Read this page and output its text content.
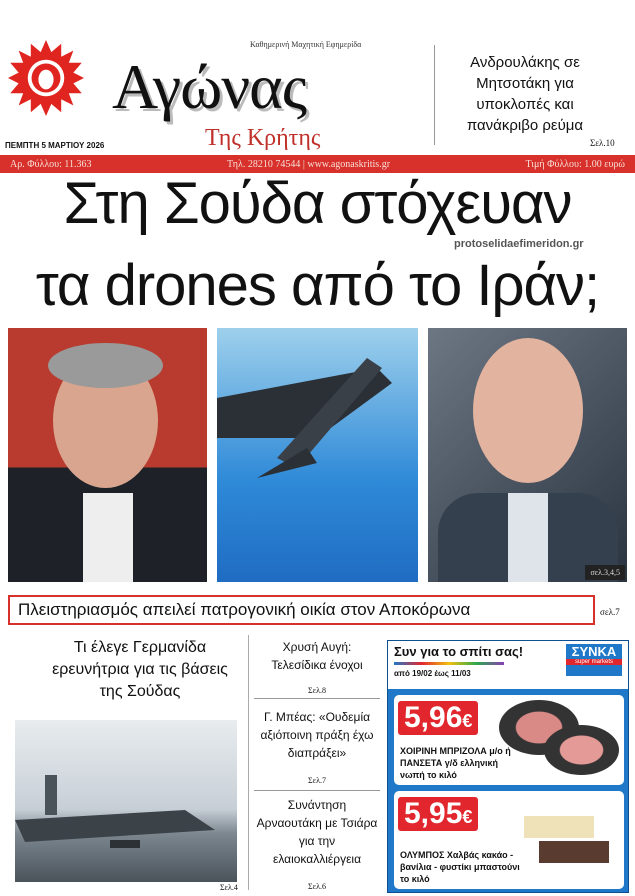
Καθημερινή Μαχητική Εφημερίδα
Αγώνας
Της Κρήτης
ΠΕΜΠΤΗ 5 ΜΑΡΤΙΟΥ 2026
Ανδρουλάκης σε Μητσοτάκη για υποκλοπές και πανάκριβο ρεύμα
Σελ.10
Αρ. Φύλλου: 11.363	Τηλ. 28210 74544 | www.agonaskritis.gr	Τιμή Φύλλου: 1.00 ευρώ
Στη Σούδα στόχευαν
protoselidaefimeridon.gr
τα drones από το Ιράν;
σελ.3,4,5
Πλειστηριασμός απειλεί πατρογονική οικία στον Αποκόρωνα	σελ.7
Τι έλεγε Γερμανίδα ερευνήτρια για τις βάσεις της Σούδας
Σελ.4
Χρυσή Αυγή: Τελεσίδικα ένοχοι
Σελ.8
Γ. Μπέας: «Ουδεμία αξιόποινη πράξη έχω διαπράξει»
Σελ.7
Συνάντηση Αρναουτάκη με Τσιάρα για την ελαιοκαλλιέργεια
Σελ.6
Συν για το σπίτι σας!
από 19/02 έως 11/03
ΣΥΝΚΑ
super markets
5,96€
ΧΟΙΡΙΝΗ ΜΠΡΙΖΟΛΑ μ/ο ή ΠΑΝΣΕΤΑ γ/δ ελληνική νωπή το κιλό
5,95€
ΟΛΥΜΠΟΣ Χαλβάς κακάο - βανίλια - φυστίκι μπαστούνι το κιλό
